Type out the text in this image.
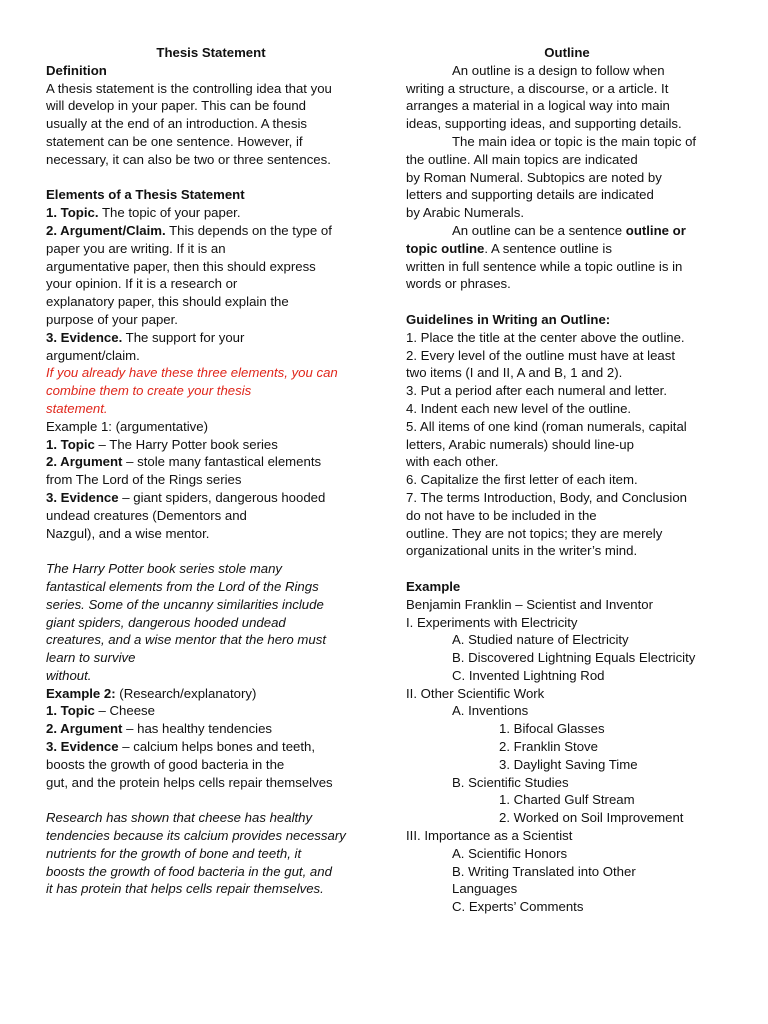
Thesis Statement
Definition
A thesis statement is the controlling idea that you
will develop in your paper. This can be found
usually at the end of an introduction. A thesis
statement can be one sentence. However, if
necessary, it can also be two or three sentences.
Elements of a Thesis Statement
1. Topic. The topic of your paper.
2. Argument/Claim. This depends on the type of
paper you are writing. If it is an
argumentative paper, then this should express
your opinion. If it is a research or
explanatory paper, this should explain the
purpose of your paper.
3. Evidence. The support for your
argument/claim.
If you already have these three elements, you can
combine them to create your thesis
statement.
Example 1: (argumentative)
1. Topic – The Harry Potter book series
2. Argument – stole many fantastical elements
from The Lord of the Rings series
3. Evidence – giant spiders, dangerous hooded
undead creatures (Dementors and
Nazgul), and a wise mentor.
The Harry Potter book series stole many
fantastical elements from the Lord of the Rings
series. Some of the uncanny similarities include
giant spiders, dangerous hooded undead
creatures, and a wise mentor that the hero must
learn to survive
without.
Example 2: (Research/explanatory)
1. Topic – Cheese
2. Argument – has healthy tendencies
3. Evidence – calcium helps bones and teeth,
boosts the growth of good bacteria in the
gut, and the protein helps cells repair themselves
Research has shown that cheese has healthy
tendencies because its calcium provides necessary
nutrients for the growth of bone and teeth, it
boosts the growth of food bacteria in the gut, and
it has protein that helps cells repair themselves.
Outline
An outline is a design to follow when
writing a structure, a discourse, or a article. It
arranges a material in a logical way into main
ideas, supporting ideas, and supporting details.
The main idea or topic is the main topic of
the outline. All main topics are indicated
by Roman Numeral. Subtopics are noted by
letters and supporting details are indicated
by Arabic Numerals.
An outline can be a sentence outline or
topic outline. A sentence outline is
written in full sentence while a topic outline is in
words or phrases.
Guidelines in Writing an Outline:
1. Place the title at the center above the outline.
2. Every level of the outline must have at least
two items (I and II, A and B, 1 and 2).
3. Put a period after each numeral and letter.
4. Indent each new level of the outline.
5. All items of one kind (roman numerals, capital
letters, Arabic numerals) should line-up
with each other.
6. Capitalize the first letter of each item.
7. The terms Introduction, Body, and Conclusion
do not have to be included in the
outline. They are not topics; they are merely
organizational units in the writer’s mind.
Example
Benjamin Franklin – Scientist and Inventor
I. Experiments with Electricity
A. Studied nature of Electricity
B. Discovered Lightning Equals Electricity
C. Invented Lightning Rod
II. Other Scientific Work
A. Inventions
1. Bifocal Glasses
2. Franklin Stove
3. Daylight Saving Time
B. Scientific Studies
1. Charted Gulf Stream
2. Worked on Soil Improvement
III. Importance as a Scientist
A. Scientific Honors
B. Writing Translated into Other
Languages
C. Experts’ Comments
